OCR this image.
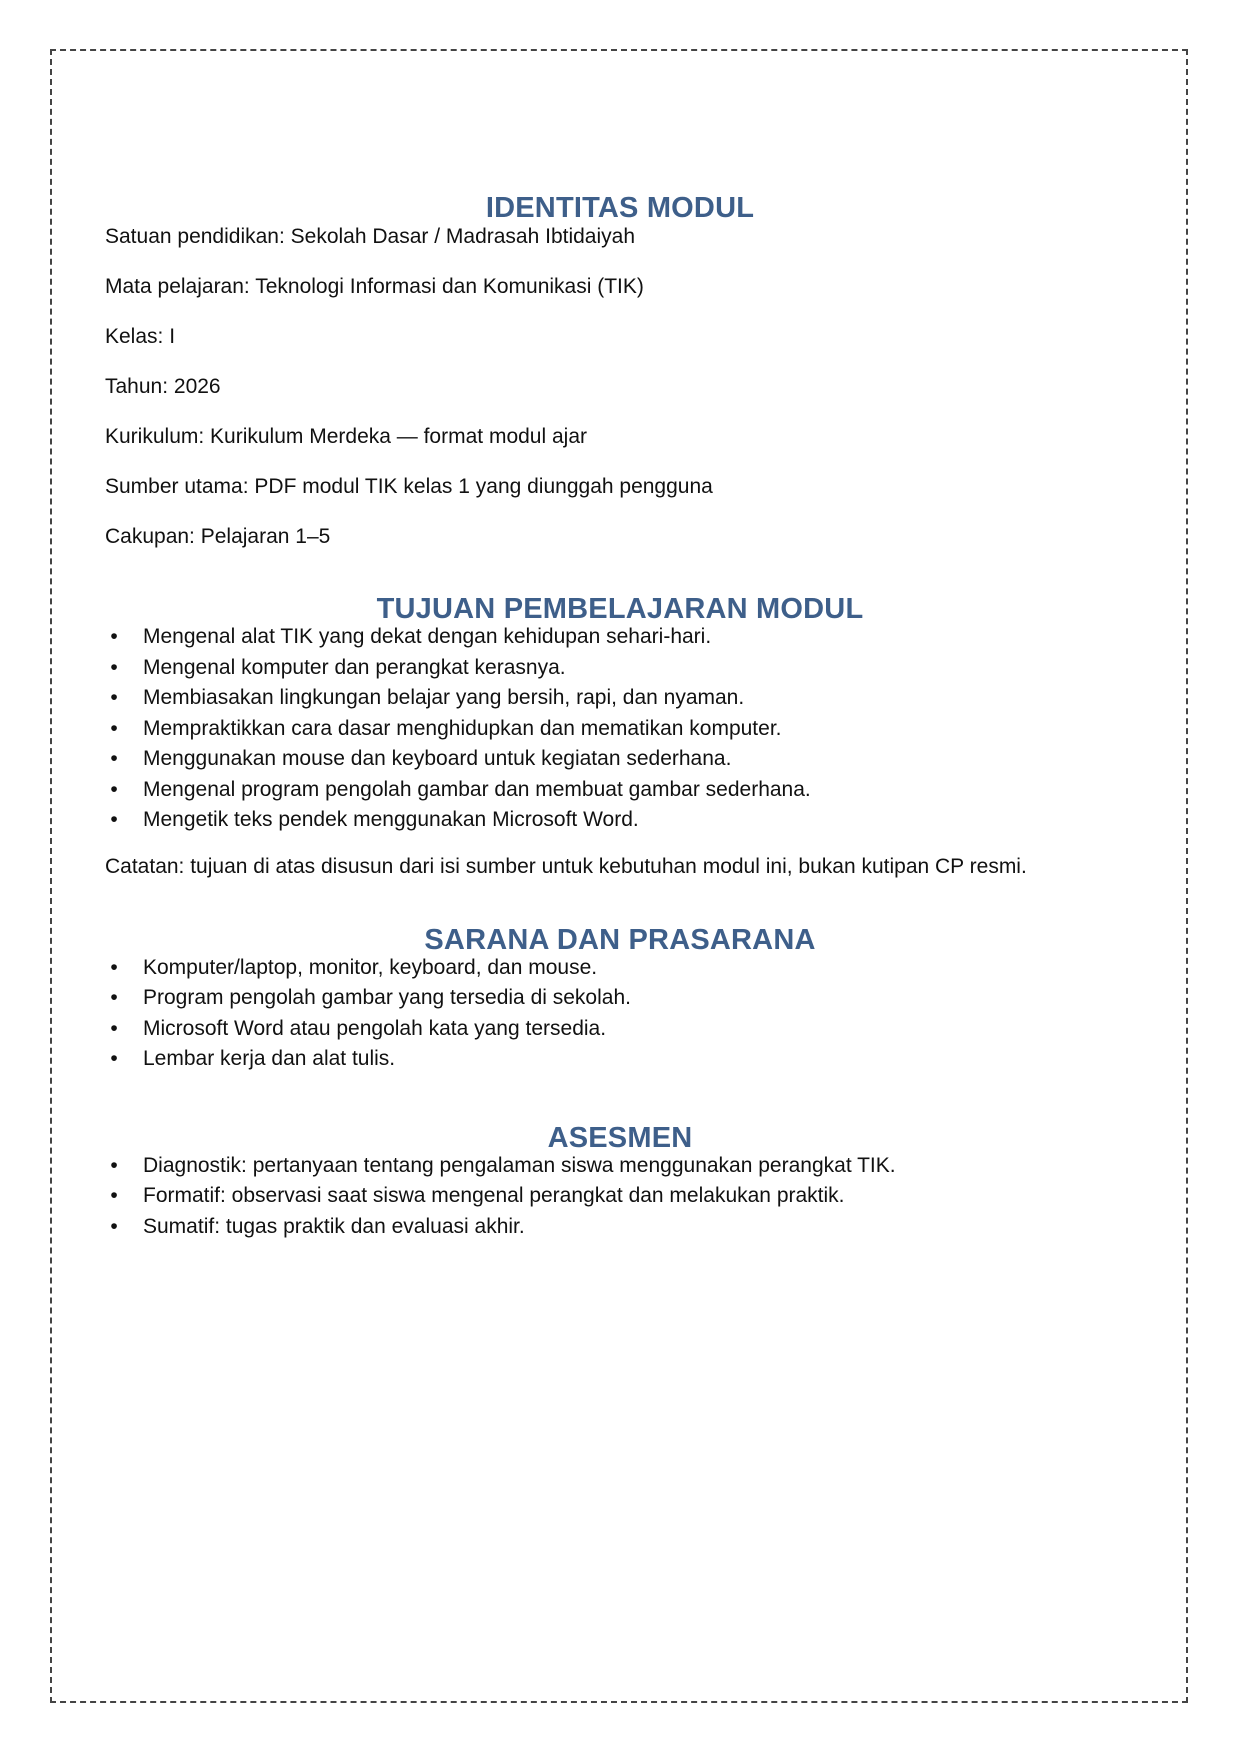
IDENTITAS MODUL

Satuan pendidikan: Sekolah Dasar / Madrasah Ibtidaiyah

Mata pelajaran: Teknologi Informasi dan Komunikasi (TIK)

Kelas: I

Tahun: 2026

Kurikulum: Kurikulum Merdeka — format modul ajar

Sumber utama: PDF modul TIK kelas 1 yang diunggah pengguna

Cakupan: Pelajaran 1–5

TUJUAN PEMBELAJARAN MODUL
• Mengenal alat TIK yang dekat dengan kehidupan sehari-hari.
• Mengenal komputer dan perangkat kerasnya.
• Membiasakan lingkungan belajar yang bersih, rapi, dan nyaman.
• Mempraktikkan cara dasar menghidupkan dan mematikan komputer.
• Menggunakan mouse dan keyboard untuk kegiatan sederhana.
• Mengenal program pengolah gambar dan membuat gambar sederhana.
• Mengetik teks pendek menggunakan Microsoft Word.

Catatan: tujuan di atas disusun dari isi sumber untuk kebutuhan modul ini, bukan kutipan CP resmi.

SARANA DAN PRASARANA
• Komputer/laptop, monitor, keyboard, dan mouse.
• Program pengolah gambar yang tersedia di sekolah.
• Microsoft Word atau pengolah kata yang tersedia.
• Lembar kerja dan alat tulis.
ASESMEN
• Diagnostik: pertanyaan tentang pengalaman siswa menggunakan perangkat TIK.
• Formatif: observasi saat siswa mengenal perangkat dan melakukan praktik.
• Sumatif: tugas praktik dan evaluasi akhir.
